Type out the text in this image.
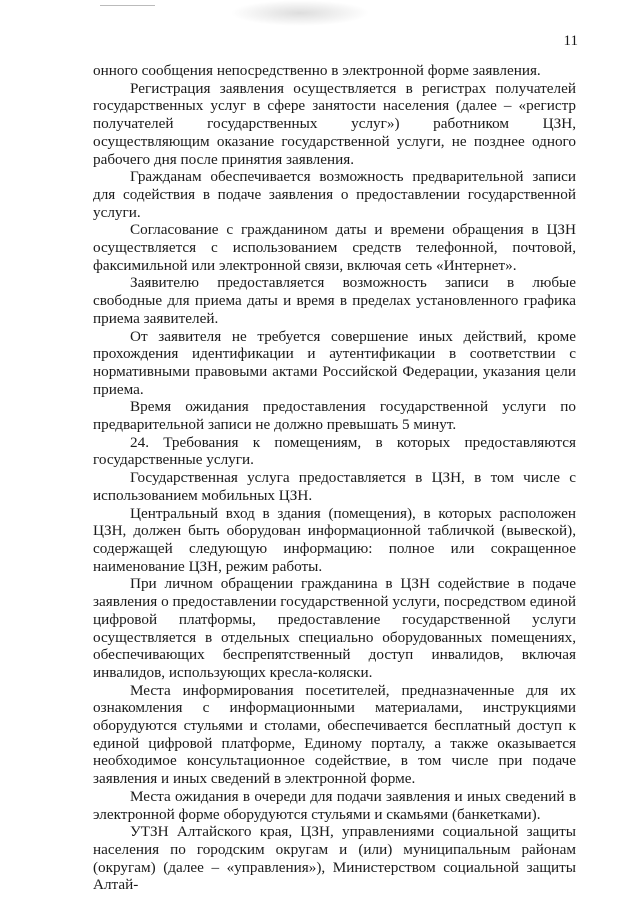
11

онного сообщения непосредственно в электронной форме заявления.

Регистрация заявления осуществляется в регистрах получателей государственных услуг в сфере занятости населения (далее – «регистр получателей государственных услуг») работником ЦЗН, осуществляющим оказание государственной услуги, не позднее одного рабочего дня после принятия заявления.

Гражданам обеспечивается возможность предварительной записи для содействия в подаче заявления о предоставлении государственной услуги.

Согласование с гражданином даты и времени обращения в ЦЗН осуществляется с использованием средств телефонной, почтовой, факсимильной или электронной связи, включая сеть «Интернет».

Заявителю предоставляется возможность записи в любые свободные для приема даты и время в пределах установленного графика приема заявителей.

От заявителя не требуется совершение иных действий, кроме прохождения идентификации и аутентификации в соответствии с нормативными правовыми актами Российской Федерации, указания цели приема.

Время ожидания предоставления государственной услуги по предварительной записи не должно превышать 5 минут.

24. Требования к помещениям, в которых предоставляются государственные услуги.

Государственная услуга предоставляется в ЦЗН, в том числе с использованием мобильных ЦЗН.

Центральный вход в здания (помещения), в которых расположен ЦЗН, должен быть оборудован информационной табличкой (вывеской), содержащей следующую информацию: полное или сокращенное наименование ЦЗН, режим работы.

При личном обращении гражданина в ЦЗН содействие в подаче заявления о предоставлении государственной услуги, посредством единой цифровой платформы, предоставление государственной услуги осуществляется в отдельных специально оборудованных помещениях, обеспечивающих беспрепятственный доступ инвалидов, включая инвалидов, использующих кресла-коляски.

Места информирования посетителей, предназначенные для их ознакомления с информационными материалами, инструкциями оборудуются стульями и столами, обеспечивается бесплатный доступ к единой цифровой платформе, Единому порталу, а также оказывается необходимое консультационное содействие, в том числе при подаче заявления и иных сведений в электронной форме.

Места ожидания в очереди для подачи заявления и иных сведений в электронной форме оборудуются стульями и скамьями (банкетками).

УТЗН Алтайского края, ЦЗН, управлениями социальной защиты населения по городским округам и (или) муниципальным районам (округам) (далее – «управления»), Министерством социальной защиты Алтай-
